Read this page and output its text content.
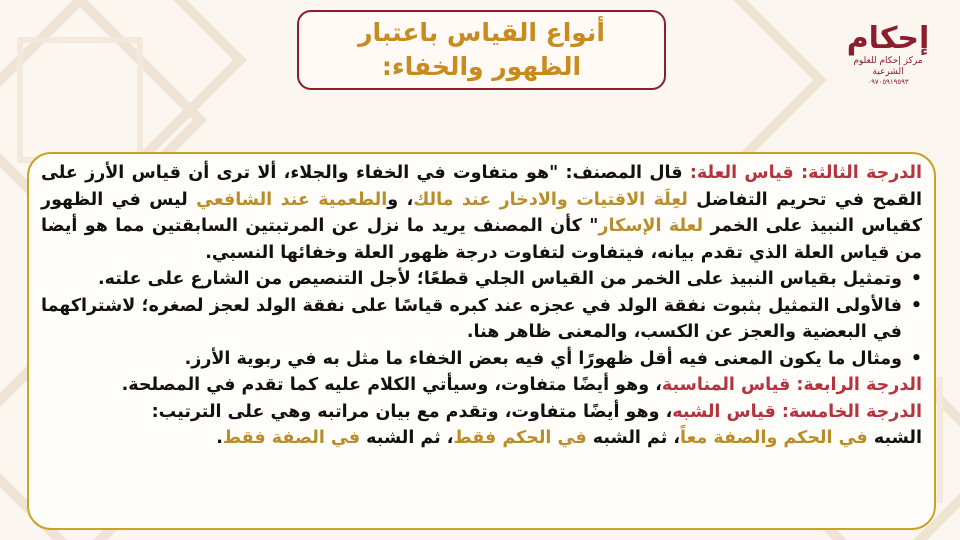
أنواع القياس باعتبار
الظهور والخفاء:
إحكام
مركز إحكام للعلوم الشرعية
٠٩٧٠٥٩١٩٥٩٣

الدرجة الثالثة: قياس العلة: قال المصنف: "هو متفاوت في الخفاء والجلاء، ألا ترى أن قياس الأرز على القمح في تحريم التفاضل لعِلَة الاقتيات والادخار عند مالك، والطعمية عند الشافعي ليس في الظهور كقياس النبيذ على الخمر لعلة الإسكار" كأن المصنف يريد ما نزل عن المرتبتين السابقتين مما هو أيضا من قياس العلة الذي تقدم بيانه، فيتفاوت لتفاوت درجة ظهور العلة وخفائها النسبي.

• وتمثيل بقياس النبيذ على الخمر من القياس الجلي قطعًا؛ لأجل التنصيص من الشارع على علته.
• فالأولى التمثيل بثبوت نفقة الولد في عجزه عند كبره قياسًا على نفقة الولد لعجز لصغره؛ لاشتراكهما في البعضية والعجز عن الكسب، والمعنى ظاهر هنا.
• ومثال ما يكون المعنى فيه أقل ظهورًا أي فيه بعض الخفاء ما مثل به في ربوية الأرز.

الدرجة الرابعة: قياس المناسبة، وهو أيضًا متفاوت، وسيأتي الكلام عليه كما تقدم في المصلحة.

الدرجة الخامسة: قياس الشبه، وهو أيضًا متفاوت، وتقدم مع بيان مراتبه وهي على الترتيب:

الشبه في الحكم والصفة معاً، ثم الشبه في الحكم فقط، ثم الشبه في الصفة فقط.
